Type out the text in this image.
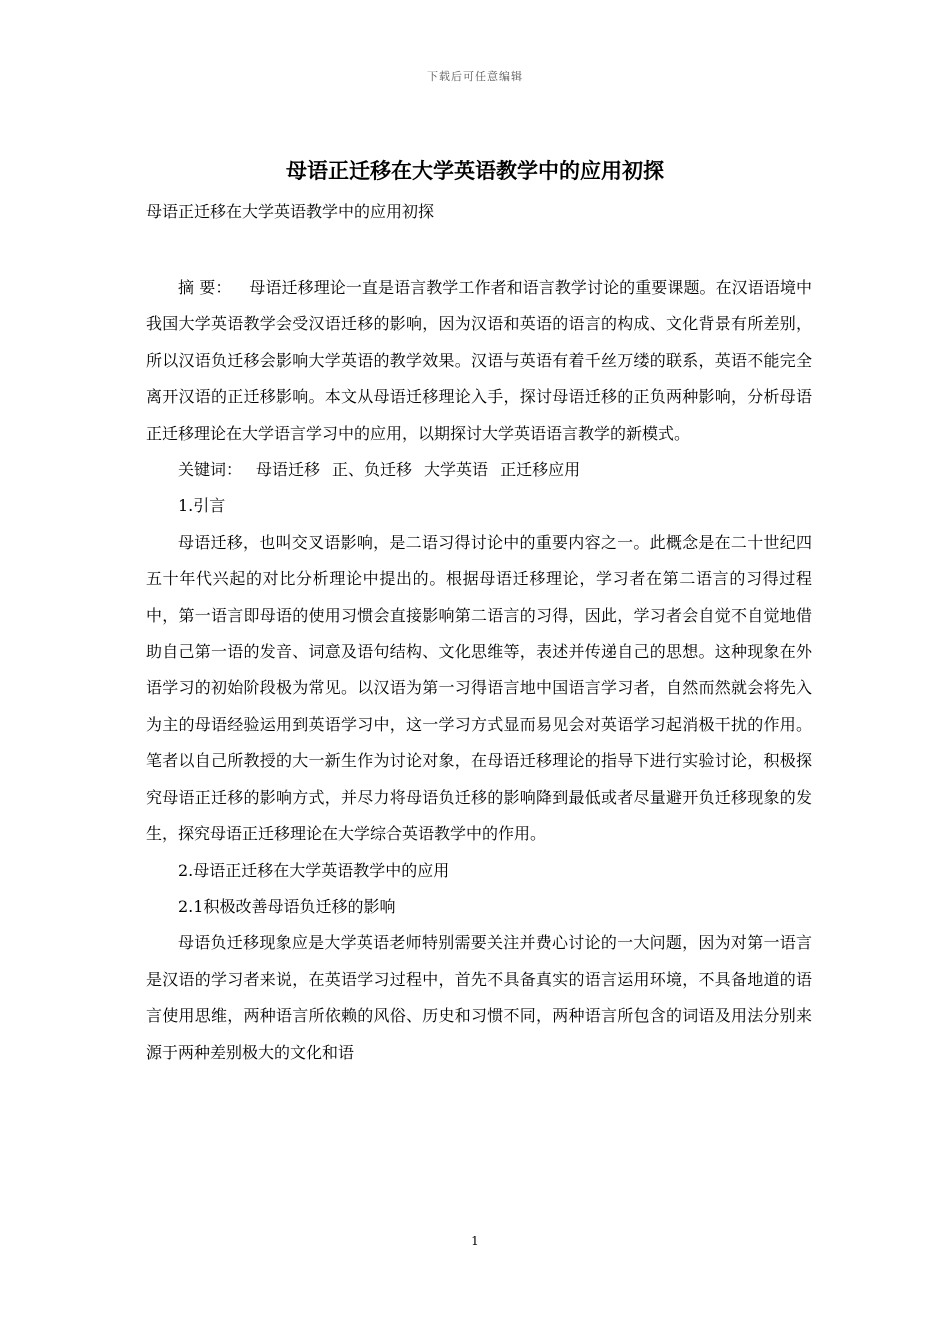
下载后可任意编辑
母语正迁移在大学英语教学中的应用初探
母语正迁移在大学英语教学中的应用初探

摘 要： 母语迁移理论一直是语言教学工作者和语言教学讨论的重要课题。在汉语语境中我国大学英语教学会受汉语迁移的影响，因为汉语和英语的语言的构成、文化背景有所差别，所以汉语负迁移会影响大学英语的教学效果。汉语与英语有着千丝万缕的联系，英语不能完全离开汉语的正迁移影响。本文从母语迁移理论入手，探讨母语迁移的正负两种影响，分析母语正迁移理论在大学语言学习中的应用，以期探讨大学英语语言教学的新模式。

关键词： 母语迁移 正、负迁移 大学英语 正迁移应用

1.引言

母语迁移，也叫交叉语影响，是二语习得讨论中的重要内容之一。此概念是在二十世纪四五十年代兴起的对比分析理论中提出的。根据母语迁移理论，学习者在第二语言的习得过程中，第一语言即母语的使用习惯会直接影响第二语言的习得，因此，学习者会自觉不自觉地借助自己第一语的发音、词意及语句结构、文化思维等，表述并传递自己的思想。这种现象在外语学习的初始阶段极为常见。以汉语为第一习得语言地中国语言学习者，自然而然就会将先入为主的母语经验运用到英语学习中，这一学习方式显而易见会对英语学习起消极干扰的作用。笔者以自己所教授的大一新生作为讨论对象，在母语迁移理论的指导下进行实验讨论，积极探究母语正迁移的影响方式，并尽力将母语负迁移的影响降到最低或者尽量避开负迁移现象的发生，探究母语正迁移理论在大学综合英语教学中的作用。

2.母语正迁移在大学英语教学中的应用

2.1积极改善母语负迁移的影响

母语负迁移现象应是大学英语老师特别需要关注并费心讨论的一大问题，因为对第一语言是汉语的学习者来说，在英语学习过程中，首先不具备真实的语言运用环境，不具备地道的语言使用思维，两种语言所依赖的风俗、历史和习惯不同，两种语言所包含的词语及用法分别来源于两种差别极大的文化和语

1
